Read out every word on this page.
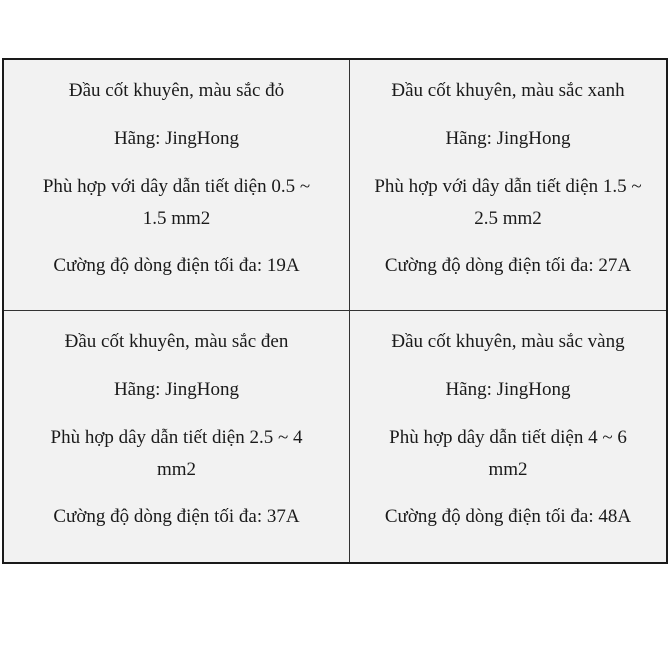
Đầu cốt khuyên, màu sắc đỏ

Hãng: JingHong

Phù hợp với dây dẫn tiết diện 0.5 ~
1.5 mm2

Cường độ dòng điện tối đa: 19A

Đầu cốt khuyên, màu sắc xanh

Hãng: JingHong

Phù hợp với dây dẫn tiết diện 1.5 ~
2.5 mm2

Cường độ dòng điện tối đa: 27A

Đầu cốt khuyên, màu sắc đen

Hãng: JingHong

Phù hợp dây dẫn tiết diện 2.5 ~ 4
mm2

Cường độ dòng điện tối đa: 37A

Đầu cốt khuyên, màu sắc vàng

Hãng: JingHong

Phù hợp dây dẫn tiết diện 4 ~ 6
mm2

Cường độ dòng điện tối đa: 48A
